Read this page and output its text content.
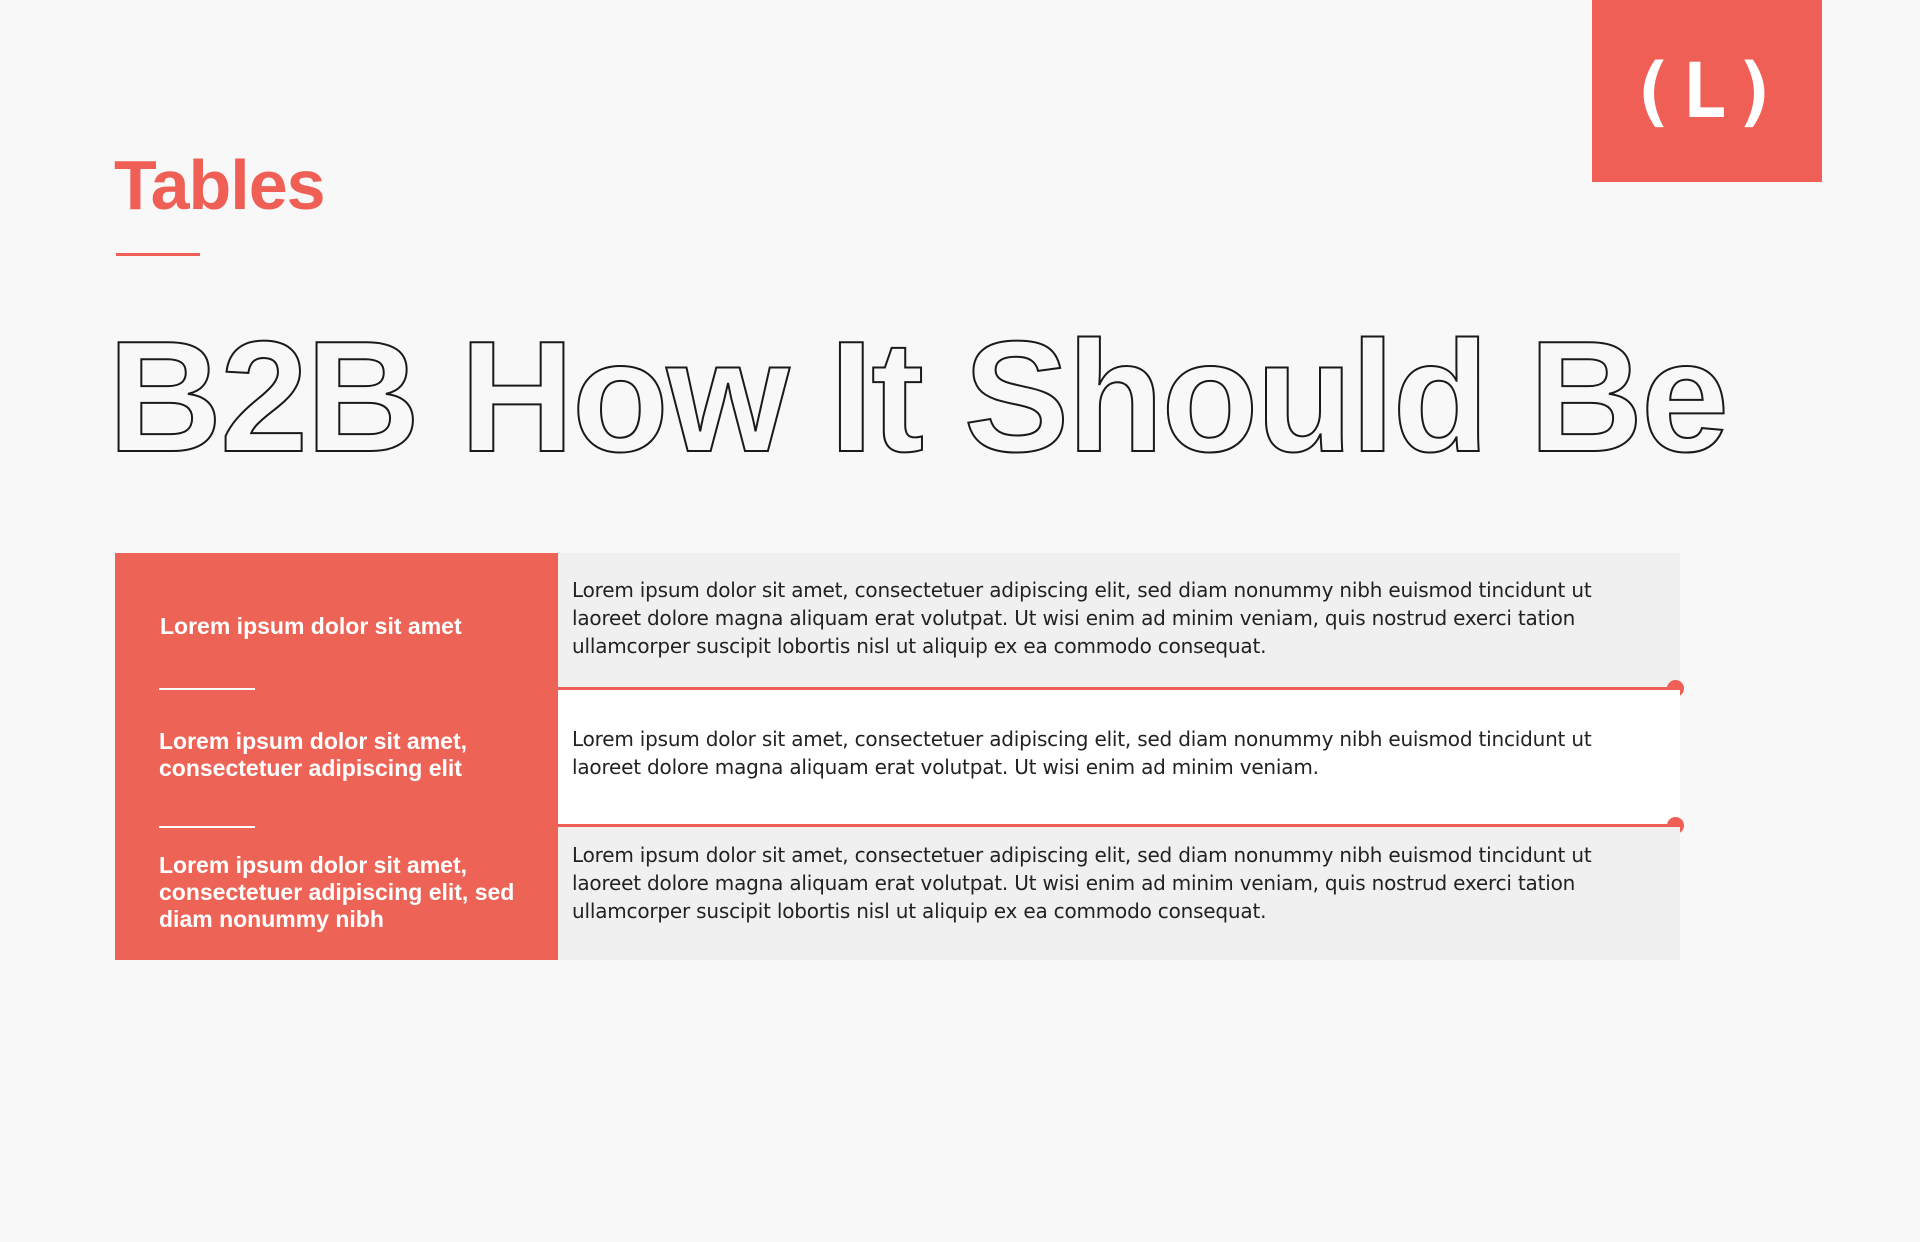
(L)
Tables
B2B How It Should Be

Lorem ipsum dolor sit amet

Lorem ipsum dolor sit amet, consectetuer adipiscing elit

Lorem ipsum dolor sit amet, consectetuer adipiscing elit, sed diam nonummy nibh

Lorem ipsum dolor sit amet, consectetuer adipiscing elit, sed diam nonummy nibh euismod tincidunt ut laoreet dolore magna aliquam erat volutpat. Ut wisi enim ad minim veniam, quis nostrud exerci tation ullamcorper suscipit lobortis nisl ut aliquip ex ea commodo consequat.

Lorem ipsum dolor sit amet, consectetuer adipiscing elit, sed diam nonummy nibh euismod tincidunt ut laoreet dolore magna aliquam erat volutpat. Ut wisi enim ad minim veniam.

Lorem ipsum dolor sit amet, consectetuer adipiscing elit, sed diam nonummy nibh euismod tincidunt ut laoreet dolore magna aliquam erat volutpat. Ut wisi enim ad minim veniam, quis nostrud exerci tation ullamcorper suscipit lobortis nisl ut aliquip ex ea commodo consequat.
